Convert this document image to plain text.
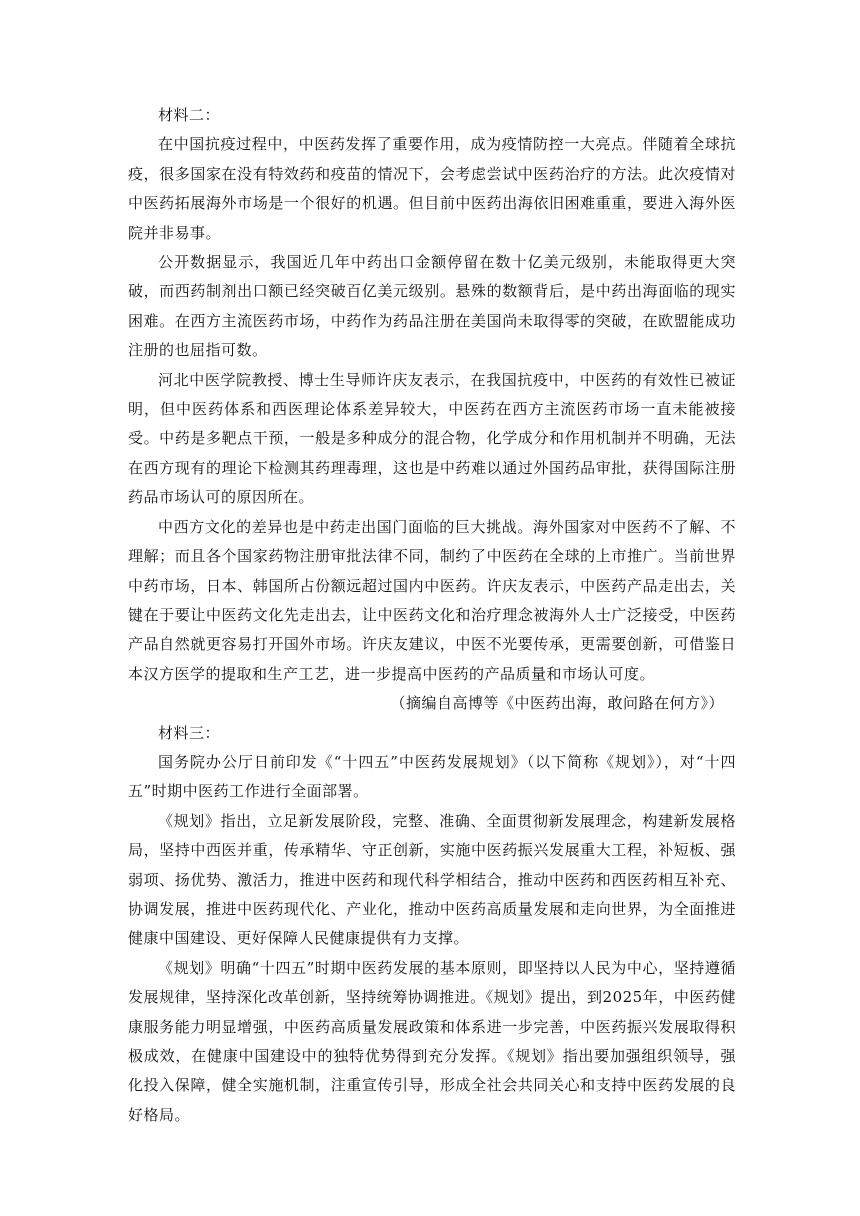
材料二：

在中国抗疫过程中，中医药发挥了重要作用，成为疫情防控一大亮点。伴随着全球抗疫，很多国家在没有特效药和疫苗的情况下，会考虑尝试中医药治疗的方法。此次疫情对中医药拓展海外市场是一个很好的机遇。但目前中医药出海依旧困难重重，要进入海外医院并非易事。

公开数据显示，我国近几年中药出口金额停留在数十亿美元级别，未能取得更大突破，而西药制剂出口额已经突破百亿美元级别。悬殊的数额背后，是中药出海面临的现实困难。在西方主流医药市场，中药作为药品注册在美国尚未取得零的突破，在欧盟能成功注册的也屈指可数。

河北中医学院教授、博士生导师许庆友表示，在我国抗疫中，中医药的有效性已被证明，但中医药体系和西医理论体系差异较大，中医药在西方主流医药市场一直未能被接受。中药是多靶点干预，一般是多种成分的混合物，化学成分和作用机制并不明确，无法在西方现有的理论下检测其药理毒理，这也是中药难以通过外国药品审批，获得国际注册药品市场认可的原因所在。

中西方文化的差异也是中药走出国门面临的巨大挑战。海外国家对中医药不了解、不理解；而且各个国家药物注册审批法律不同，制约了中医药在全球的上市推广。当前世界中药市场，日本、韩国所占份额远超过国内中医药。许庆友表示，中医药产品走出去，关键在于要让中医药文化先走出去，让中医药文化和治疗理念被海外人士广泛接受，中医药产品自然就更容易打开国外市场。许庆友建议，中医不光要传承，更需要创新，可借鉴日本汉方医学的提取和生产工艺，进一步提高中医药的产品质量和市场认可度。

（摘编自高博等《中医药出海，敢问路在何方》）

材料三：

国务院办公厅日前印发《“十四五”中医药发展规划》（以下简称《规划》），对“十四五”时期中医药工作进行全面部署。

《规划》指出，立足新发展阶段，完整、准确、全面贯彻新发展理念，构建新发展格局，坚持中西医并重，传承精华、守正创新，实施中医药振兴发展重大工程，补短板、强弱项、扬优势、激活力，推进中医药和现代科学相结合，推动中医药和西医药相互补充、协调发展，推进中医药现代化、产业化，推动中医药高质量发展和走向世界，为全面推进健康中国建设、更好保障人民健康提供有力支撑。

《规划》明确“十四五”时期中医药发展的基本原则，即坚持以人民为中心，坚持遵循发展规律，坚持深化改革创新，坚持统筹协调推进。《规划》提出，到2025年，中医药健康服务能力明显增强，中医药高质量发展政策和体系进一步完善，中医药振兴发展取得积极成效，在健康中国建设中的独特优势得到充分发挥。《规划》指出要加强组织领导，强化投入保障，健全实施机制，注重宣传引导，形成全社会共同关心和支持中医药发展的良好格局。
